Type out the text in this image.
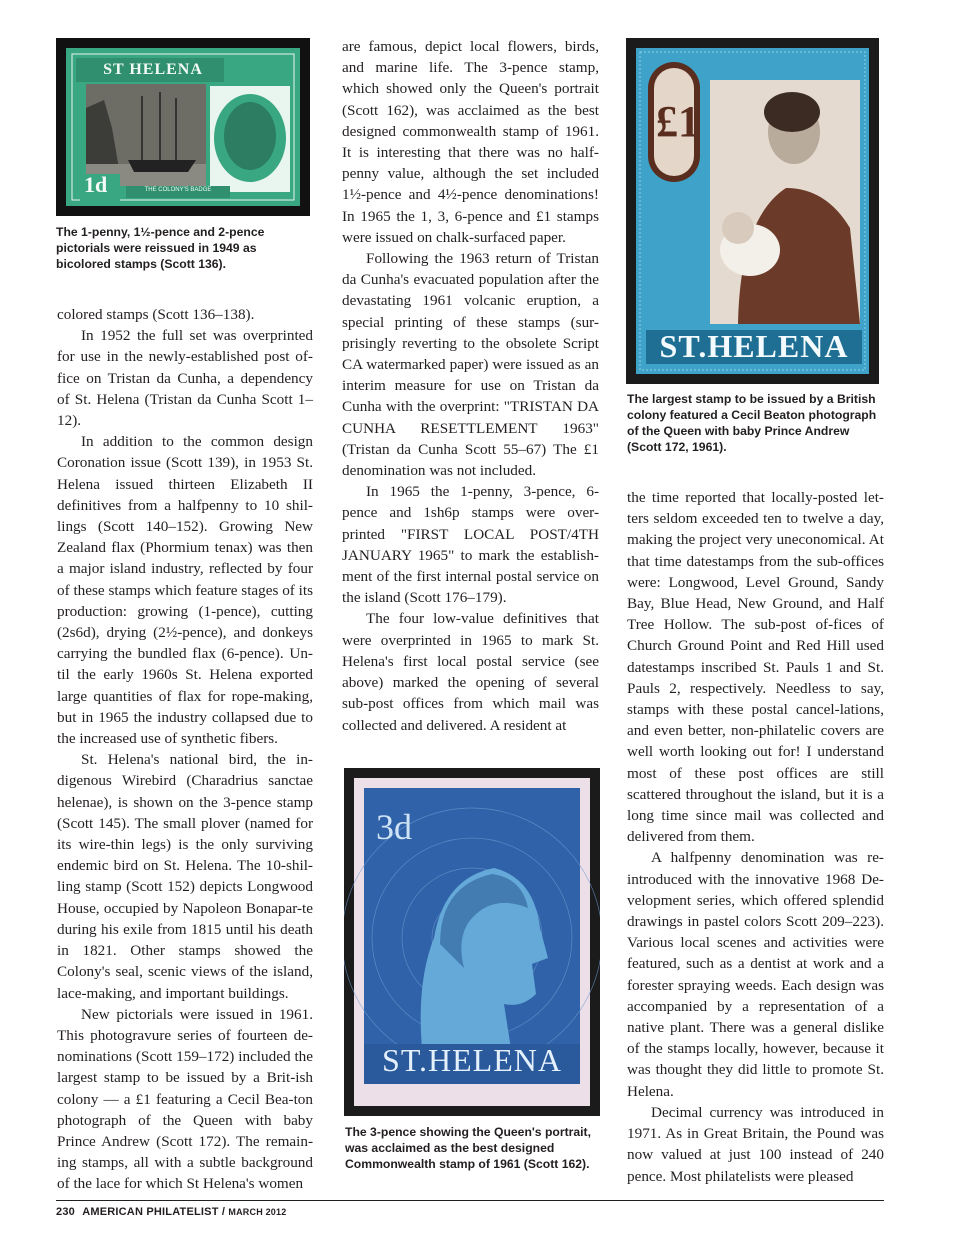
ST HELENA
1d	THE COLONY'S BADGE
The 1-penny, 1½-pence and 2-pence pictorials were reissued in 1949 as bicolored stamps (Scott 136).
£1
ST.HELENA
The largest stamp to be issued by a British colony featured a Cecil Beaton photograph of the Queen with baby Prince Andrew (Scott 172, 1961).
3d
ST.HELENA
The 3-pence showing the Queen's portrait, was acclaimed as the best designed Commonwealth stamp of 1961 (Scott 162).

colored stamps (Scott 136–138).

In 1952 the full set was overprinted for use in the newly-established post of-fice on Tristan da Cunha, a dependency of St. Helena (Tristan da Cunha Scott 1–12).

In addition to the common design Coronation issue (Scott 139), in 1953 St. Helena issued thirteen Elizabeth II definitives from a halfpenny to 10 shil-lings (Scott 140–152). Growing New Zealand flax (Phormium tenax) was then a major island industry, reflected by four of these stamps which feature stages of its production: growing (1-pence), cutting (2s6d), drying (2½-pence), and donkeys carrying the bundled flax (6-pence). Un-til the early 1960s St. Helena exported large quantities of flax for rope-making, but in 1965 the industry collapsed due to the increased use of synthetic fibers.

St. Helena's national bird, the in-digenous Wirebird (Charadrius sanctae helenae), is shown on the 3-pence stamp (Scott 145). The small plover (named for its wire-thin legs) is the only surviving endemic bird on St. Helena. The 10-shil-ling stamp (Scott 152) depicts Longwood House, occupied by Napoleon Bonapar-te during his exile from 1815 until his death in 1821. Other stamps showed the Colony's seal, scenic views of the island, lace-making, and important buildings.

New pictorials were issued in 1961. This photogravure series of fourteen de-nominations (Scott 159–172) included the largest stamp to be issued by a Brit-ish colony — a £1 featuring a Cecil Bea-ton photograph of the Queen with baby Prince Andrew (Scott 172). The remain-ing stamps, all with a subtle background of the lace for which St Helena's women

are famous, depict local flowers, birds, and marine life. The 3-pence stamp, which showed only the Queen's portrait (Scott 162), was acclaimed as the best designed commonwealth stamp of 1961. It is interesting that there was no half-penny value, although the set included 1½-pence and 4½-pence denominations! In 1965 the 1, 3, 6-pence and £1 stamps were issued on chalk-surfaced paper.

Following the 1963 return of Tristan da Cunha's evacuated population after the devastating 1961 volcanic eruption, a special printing of these stamps (sur-prisingly reverting to the obsolete Script CA watermarked paper) were issued as an interim measure for use on Tristan da Cunha with the overprint: "TRISTAN DA CUNHA RESETTLEMENT 1963" (Tristan da Cunha Scott 55–67) The £1 denomination was not included.

In 1965 the 1-penny, 3-pence, 6-pence and 1sh6p stamps were over-printed "FIRST LOCAL POST/4TH JANUARY 1965" to mark the establish-ment of the first internal postal service on the island (Scott 176–179).

The four low-value definitives that were overprinted in 1965 to mark St. Helena's first local postal service (see above) marked the opening of several sub-post offices from which mail was collected and delivered. A resident at

the time reported that locally-posted let-ters seldom exceeded ten to twelve a day, making the project very uneconomical. At that time datestamps from the sub-offices were: Longwood, Level Ground, Sandy Bay, Blue Head, New Ground, and Half Tree Hollow. The sub-post of-fices of Church Ground Point and Red Hill used datestamps inscribed St. Pauls 1 and St. Pauls 2, respectively. Needless to say, stamps with these postal cancel-lations, and even better, non-philatelic covers are well worth looking out for! I understand most of these post offices are still scattered throughout the island, but it is a long time since mail was collected and delivered from them.

A halfpenny denomination was re-introduced with the innovative 1968 De-velopment series, which offered splendid drawings in pastel colors Scott 209–223). Various local scenes and activities were featured, such as a dentist at work and a forester spraying weeds. Each design was accompanied by a representation of a native plant. There was a general dislike of the stamps locally, however, because it was thought they did little to promote St. Helena.

Decimal currency was introduced in 1971. As in Great Britain, the Pound was now valued at just 100 instead of 240 pence. Most philatelists were pleased

230 AMERICAN PHILATELIST / MARCH 2012
